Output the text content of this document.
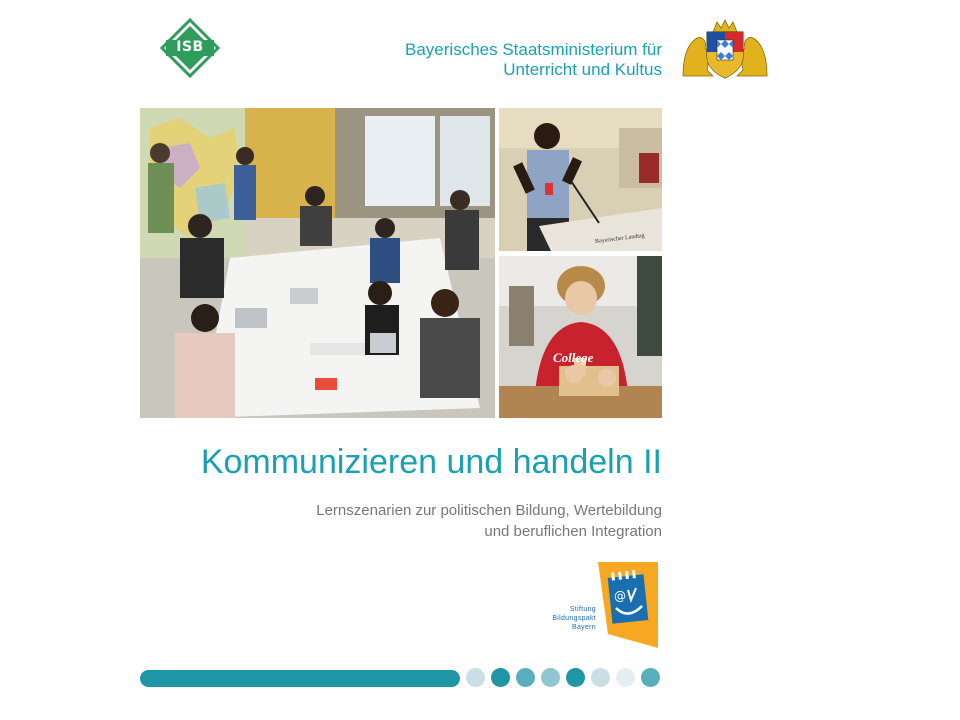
ISB	Bayerisches Staatsministerium für
Unterricht und Kultus
Bayerischer Landtag
College
Kommunizieren und handeln II
Lernszenarien zur politischen Bildung, Wertebildung
und beruflichen Integration
Stiftung
Bildungspakt
Bayern
@
